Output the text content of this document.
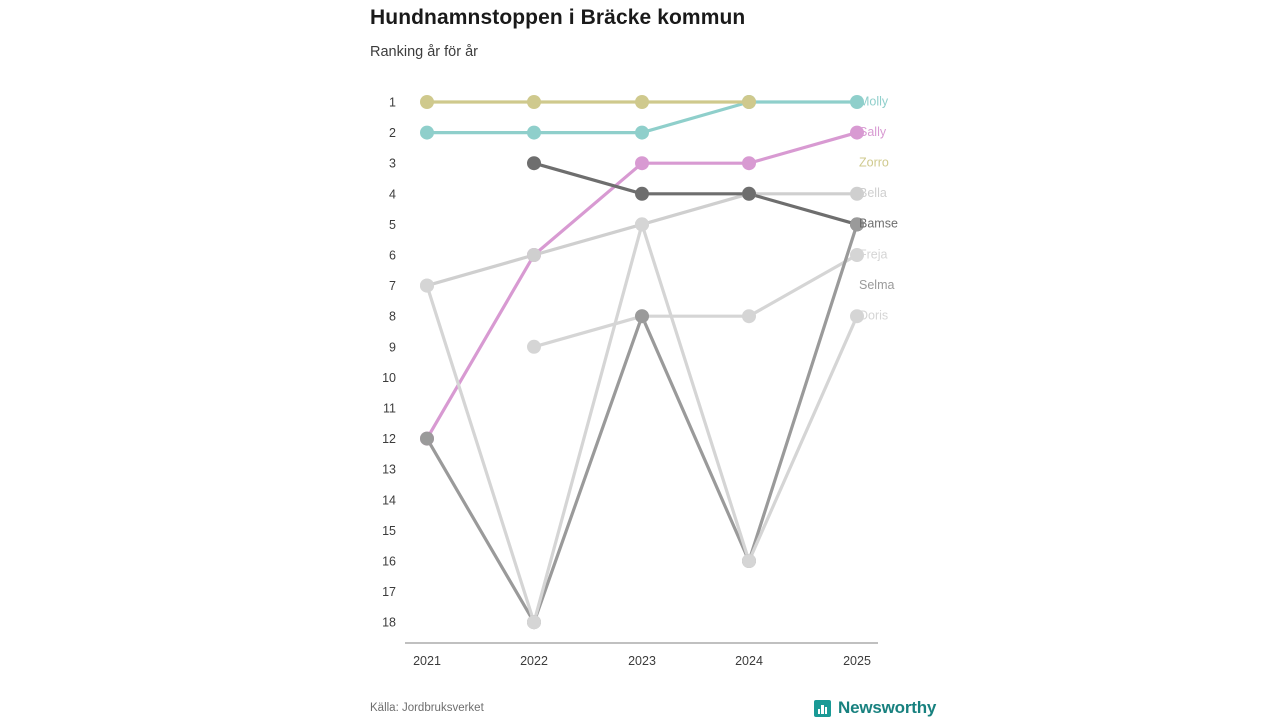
Hundnamnstoppen i Bräcke kommun
Ranking år för år
1
2
3
4
5
6
7
8
9
10
11
12
13
14
15
16
17
18
2021	2022	2023	2024	2025
Molly
Sally
Zorro
Bella
Bamse
Freja
Selma
Doris
Källa: Jordbruksverket	Newsworthy
